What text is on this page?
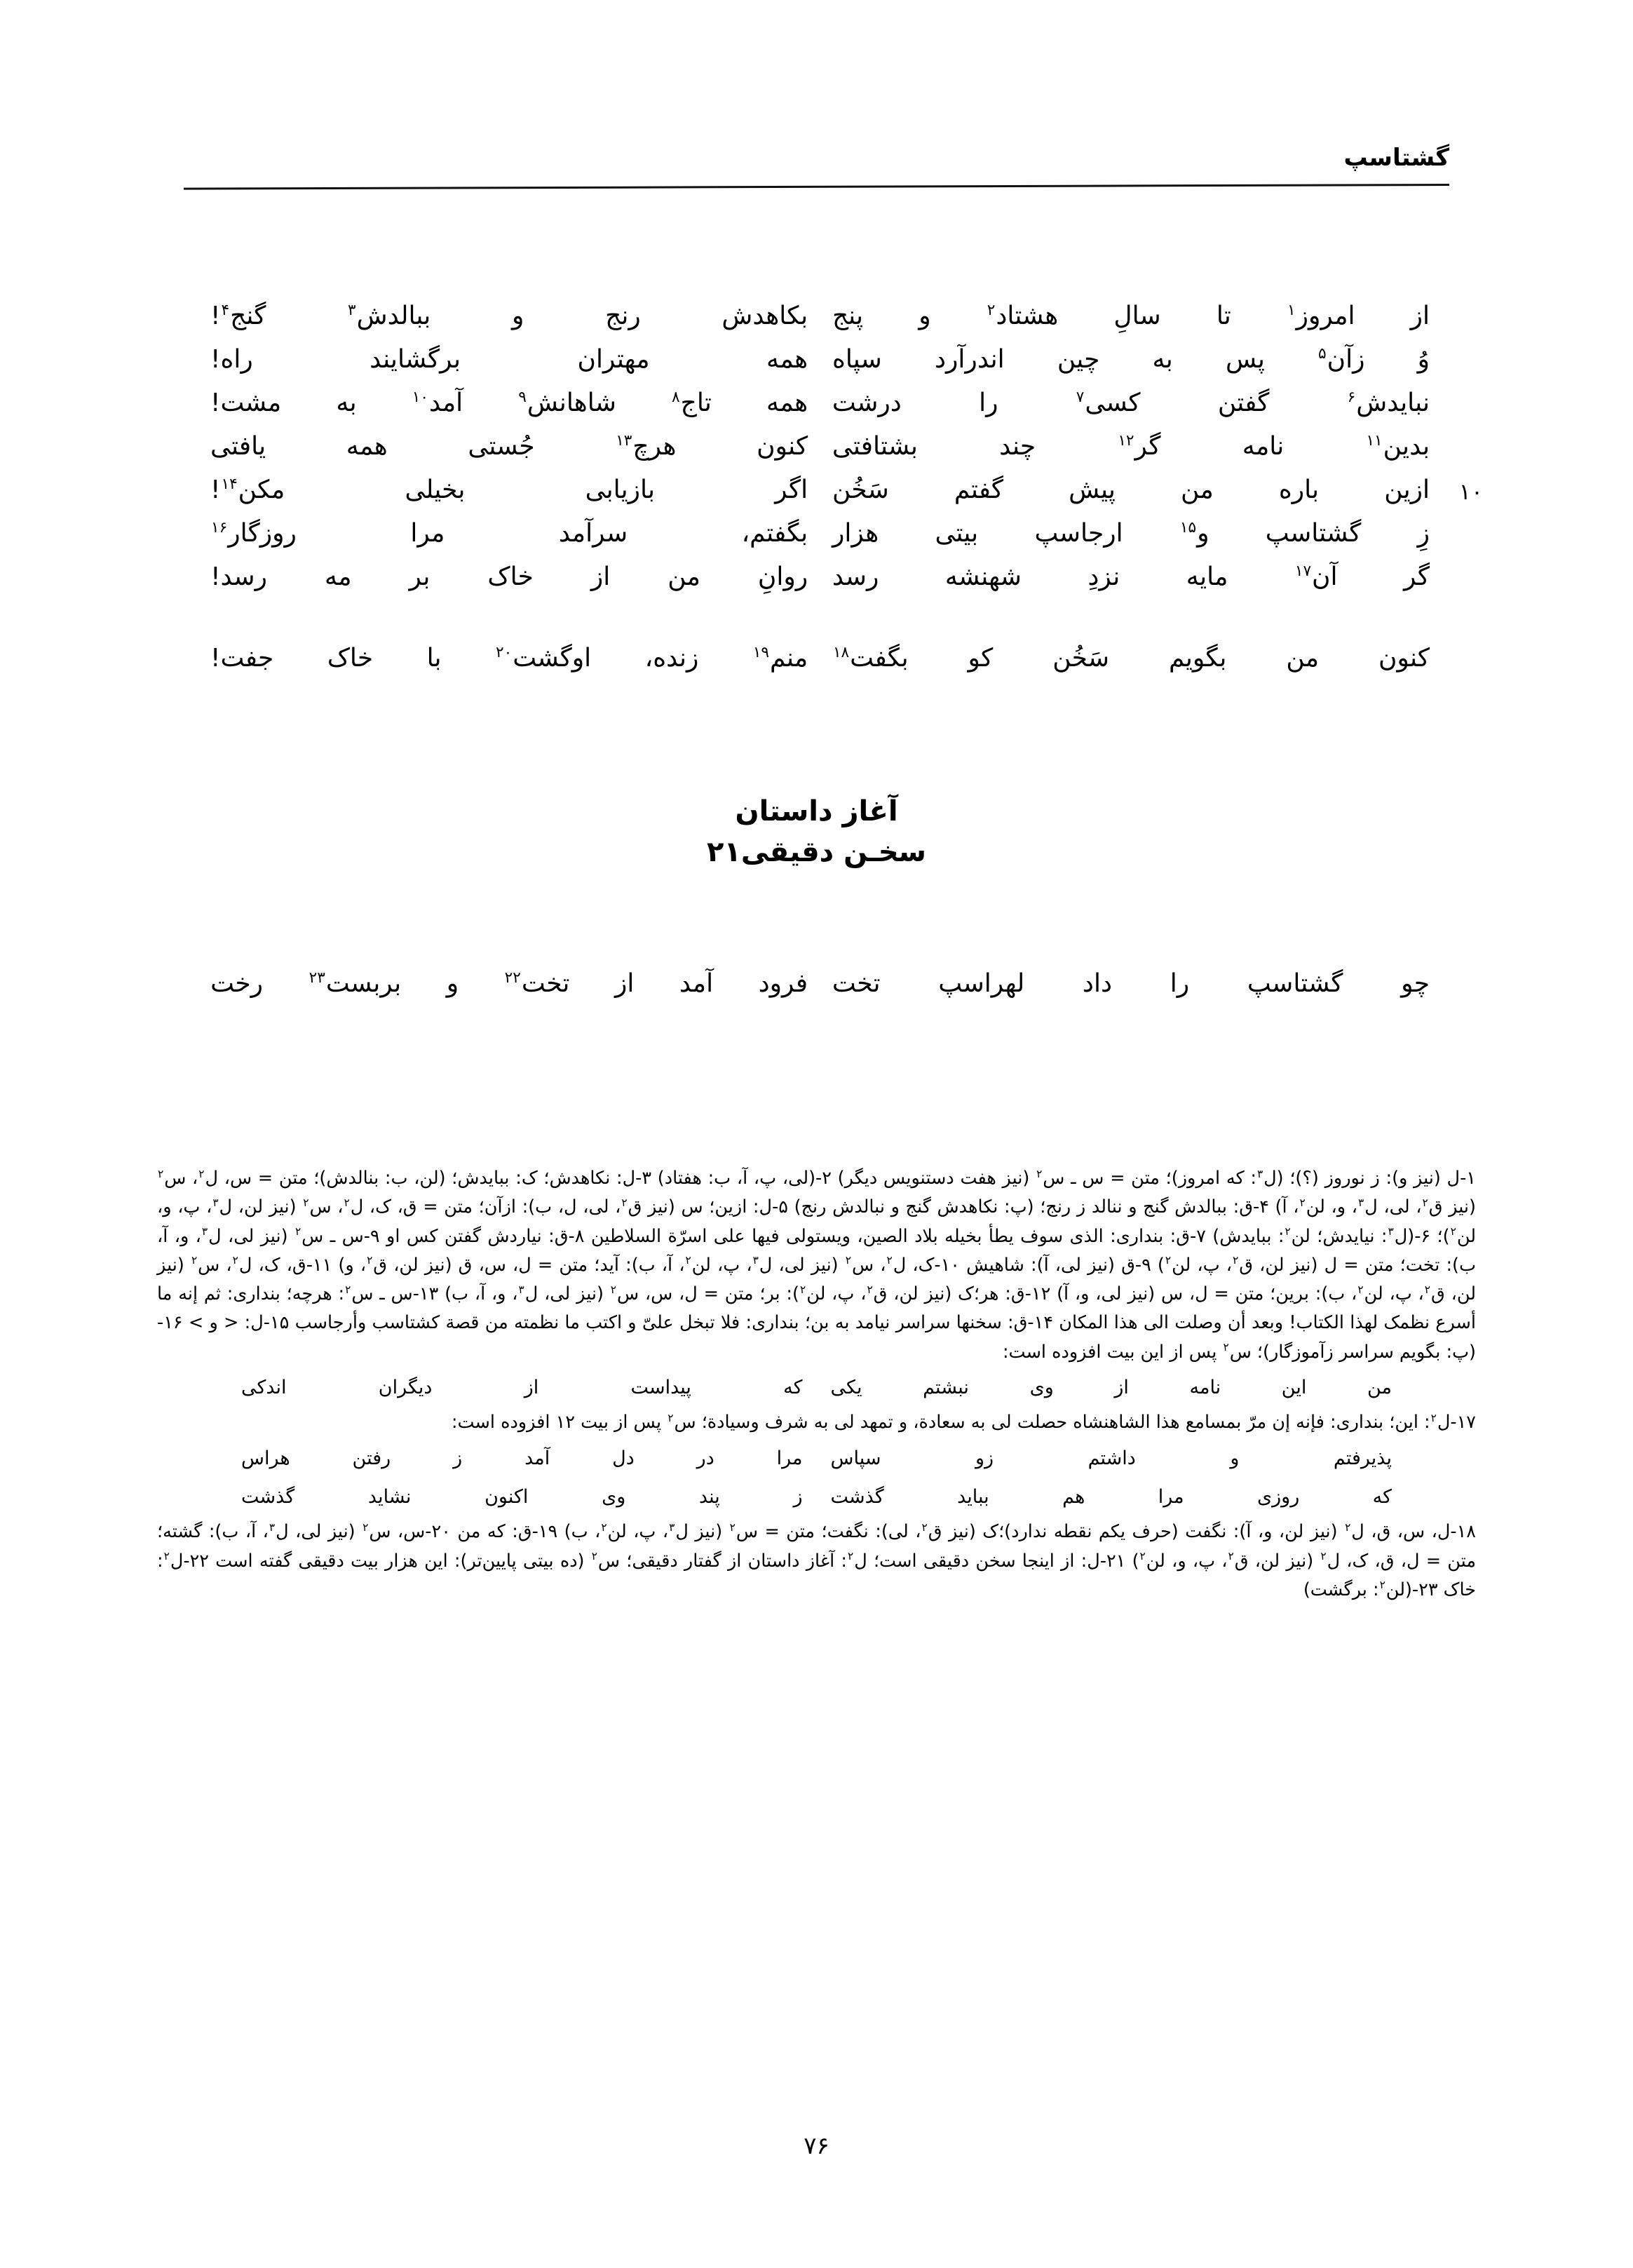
گشتاسپ
از
امروز$^۱$
تا
سالِ
هشتاد$^۲$
و
پنج
بکاهدش
رنج
و
ببالدش$^۳$
گنج$^۴$!
وُ
زآن$^۵$
پس
به
چین
اندرآرد
سپاه
همه
مهتران
برگشایند
راه!
نبایدش$^۶$
گفتن
کسی$^۷$
را
درشت
همه
تاج$^۸$
شاهانش$^۹$
آمد$^{۱۰}$
به
مشت!
بدین$^{۱۱}$
نامه
گر$^{۱۲}$
چند
بشتافتی
کنون
هرچ$^{۱۳}$
جُستی
همه
یافتی
۱۰
ازین
باره
من
پیش
گفتم
سَخُن
اگر
بازیابی
بخیلی
مکن$^{۱۴}$!
زِ
گشتاسپ
و$^{۱۵}$
ارجاسپ
بیتی
هزار
بگفتم،
سرآمد
مرا
روزگار$^{۱۶}$
گر
آن$^{۱۷}$
مایه
نزدِ
شهنشه
رسد
روانِ
من
از
خاک
بر
مه
رسد!
کنون
من
بگویم
سَخُن
کو
بگفت$^{۱۸}$
منم$^{۱۹}$
زنده،
اوگشت$^{۲۰}$
با
خاک
جفت!
آغاز داستان
سخـن دقیقی۲۱
چو
گشتاسپ
را
داد
لهراسپ
تخت
فرود
آمد
از
تخت$^{۲۲}$
و
بربست$^{۲۳}$
رخت

۱-ل (نیز و): ز نوروز (؟)؛ (ل$^۳$: که امروز)؛ متن = س ـ س$^۲$ (نیز هفت دستنویس دیگر) ۲-(لی، پ، آ، ب: هفتاد) ۳-ل: نکاهدش؛ ک: ببایدش؛ (لن، ب: بنالدش)؛ متن = س، ل$^۲$، س$^۲$ (نیز ق$^۲$، لی، ل$^۳$، و، لن$^۲$، آ) ۴-ق: ببالدش گنج و ننالد ز رنج؛ (پ: نکاهدش گنج و نبالدش رنج) ۵-ل: ازین؛ س (نیز ق$^۲$، لی، ل، ب): ازآن؛ متن = ق، ک، ل$^۲$، س$^۲$ (نیز لن، ل$^۳$، پ، و، لن$^۲$)؛ ۶-(ل$^۳$: نیایدش؛ لن$^۲$: ببایدش) ۷-ق: بنداری: الذی سوف یطأ بخیله بلاد الصین، ویستولی فیها علی اسرّة السلاطین ۸-ق: نیاردش گفتن کس او ۹-س ـ س$^۲$ (نیز لی، ل$^۳$، و، آ، ب): تخت؛ متن = ل (نیز لن، ق$^۲$، پ، لن$^۲$) ۹-ق (نیز لی، آ): شاهیش ۱۰-ک، ل$^۲$، س$^۲$ (نیز لی، ل$^۳$، پ، لن$^۲$، آ، ب): آید؛ متن = ل، س، ق (نیز لن، ق$^۲$، و) ۱۱-ق، ک، ل$^۲$، س$^۲$ (نیز لن، ق$^۲$، پ، لن$^۲$، ب): برین؛ متن = ل، س (نیز لی، و، آ) ۱۲-ق: هر؛ک (نیز لن، ق$^۲$، پ، لن$^۲$): بر؛ متن = ل، س، س$^۲$ (نیز لی، ل$^۳$، و، آ، ب) ۱۳-س ـ س$^۲$: هرچه؛ بنداری: ثم إنه ما أسرع نظمک لهذا الکتاب! وبعد أن وصلت الی هذا المکان ۱۴-ق: سخنها سراسر نیامد به بن؛ بنداری: فلا تبخل علیّ و اکتب ما نظمته من قصة کشتاسب وأرجاسب ۱۵-ل: < و > ۱۶-(پ: بگویم سراسر زآموزگار)؛ س$^۲$ پس از این بیت افزوده است:

من
این
نامه
از
وی
نبشتم
یکی
که
پیداست
از
دیگران
اندکی

۱۷-ل$^۲$: این؛ بنداری: فإنه إن مرّ بمسامع هذا الشاهنشاه حصلت لی به سعادة، و تمهد لی به شرف وسیادة؛ س$^۲$ پس از بیت ۱۲ افزوده است:

پذیرفتم
و
داشتم
زو
سپاس
مرا
در
دل
آمد
ز
رفتن
هراس
که
روزی
مرا
هم
بباید
گذشت
ز
پند
وی
اکنون
نشاید
گذشت

۱۸-ل، س، ق، ل$^۲$ (نیز لن، و، آ): نگفت (حرف یکم نقطه ندارد)؛ک (نیز ق$^۲$، لی): نگفت؛ متن = س$^۲$ (نیز ل$^۳$، پ، لن$^۲$، ب) ۱۹-ق: که من ۲۰-س، س$^۲$ (نیز لی، ل$^۳$، آ، ب): گشته؛ متن = ل، ق، ک، ل$^۲$ (نیز لن، ق$^۲$، پ، و، لن$^۲$) ۲۱-ل: از اینجا سخن دقیقی است؛ ل$^۲$: آغاز داستان از گفتار دقیقی؛ س$^۲$ (ده بیتی پایین‌تر): این هزار بیت دقیقی گفته است ۲۲-ل$^۲$: خاک ۲۳-(لن$^۲$: برگشت)

۷۶
